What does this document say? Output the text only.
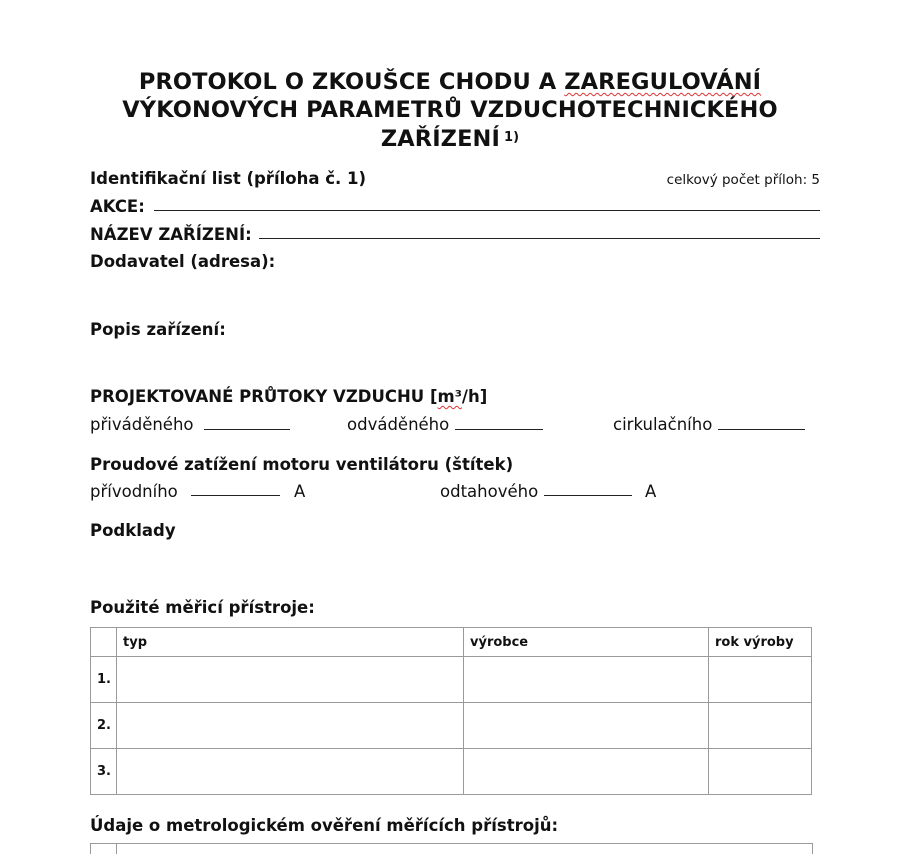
PROTOKOL O ZKOUŠCE CHODU A ZAREGULOVÁNÍ
VÝKONOVÝCH PARAMETRŮ VZDUCHOTECHNICKÉHO
ZAŘÍZENÍ $^{1)}$
Identifikační list (příloha č. 1)	celkový počet příloh: 5
AKCE:
NÁZEV ZAŘÍZENÍ:
Dodavatel (adresa):
Popis zařízení:
PROJEKTOVANÉ PRŮTOKY VZDUCHU [m³/h]
přiváděného	odváděného	cirkulačního
Proudové zatížení motoru ventilátoru (štítek)
přívodního	A	odtahového	A
Podklady
Použité měřicí přístroje:
	typ	výrobce	rok výroby
1.			
2.			
3.			
Údaje o metrologickém ověření měřících přístrojů:
